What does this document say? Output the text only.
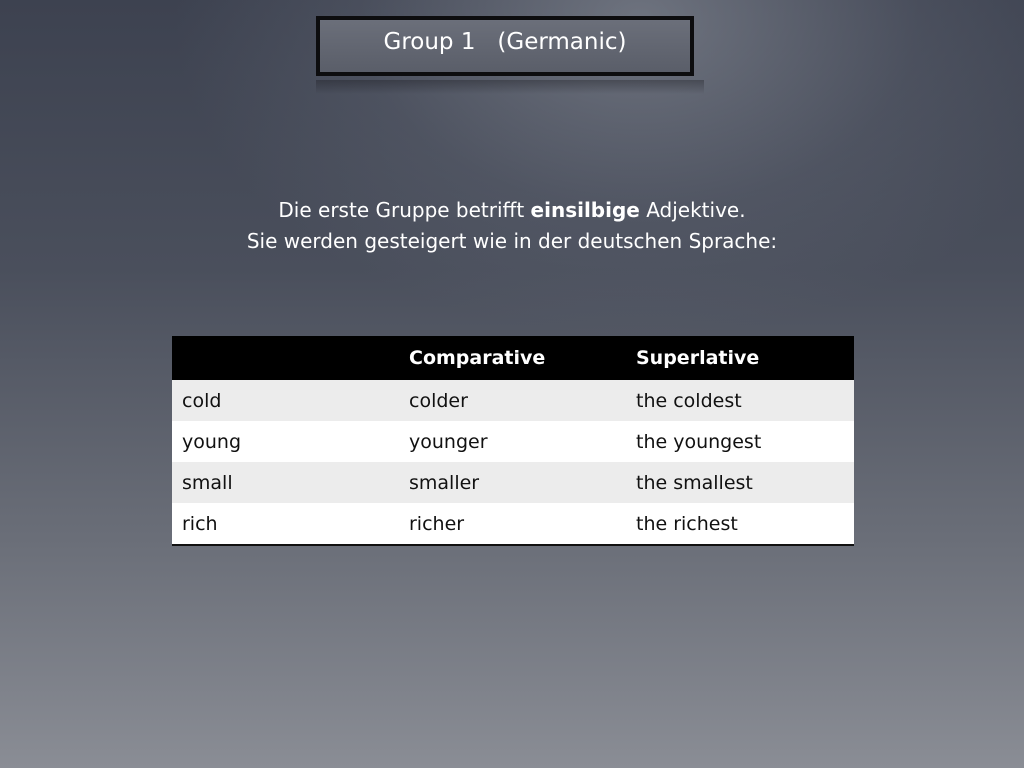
Group 1   (Germanic)
Die erste Gruppe betrifft einsilbige Adjektive.
Sie werden gesteigert wie in der deutschen Sprache:
	Comparative	Superlative
cold	colder	the coldest
young	younger	the youngest
small	smaller	the smallest
rich	richer	the richest
